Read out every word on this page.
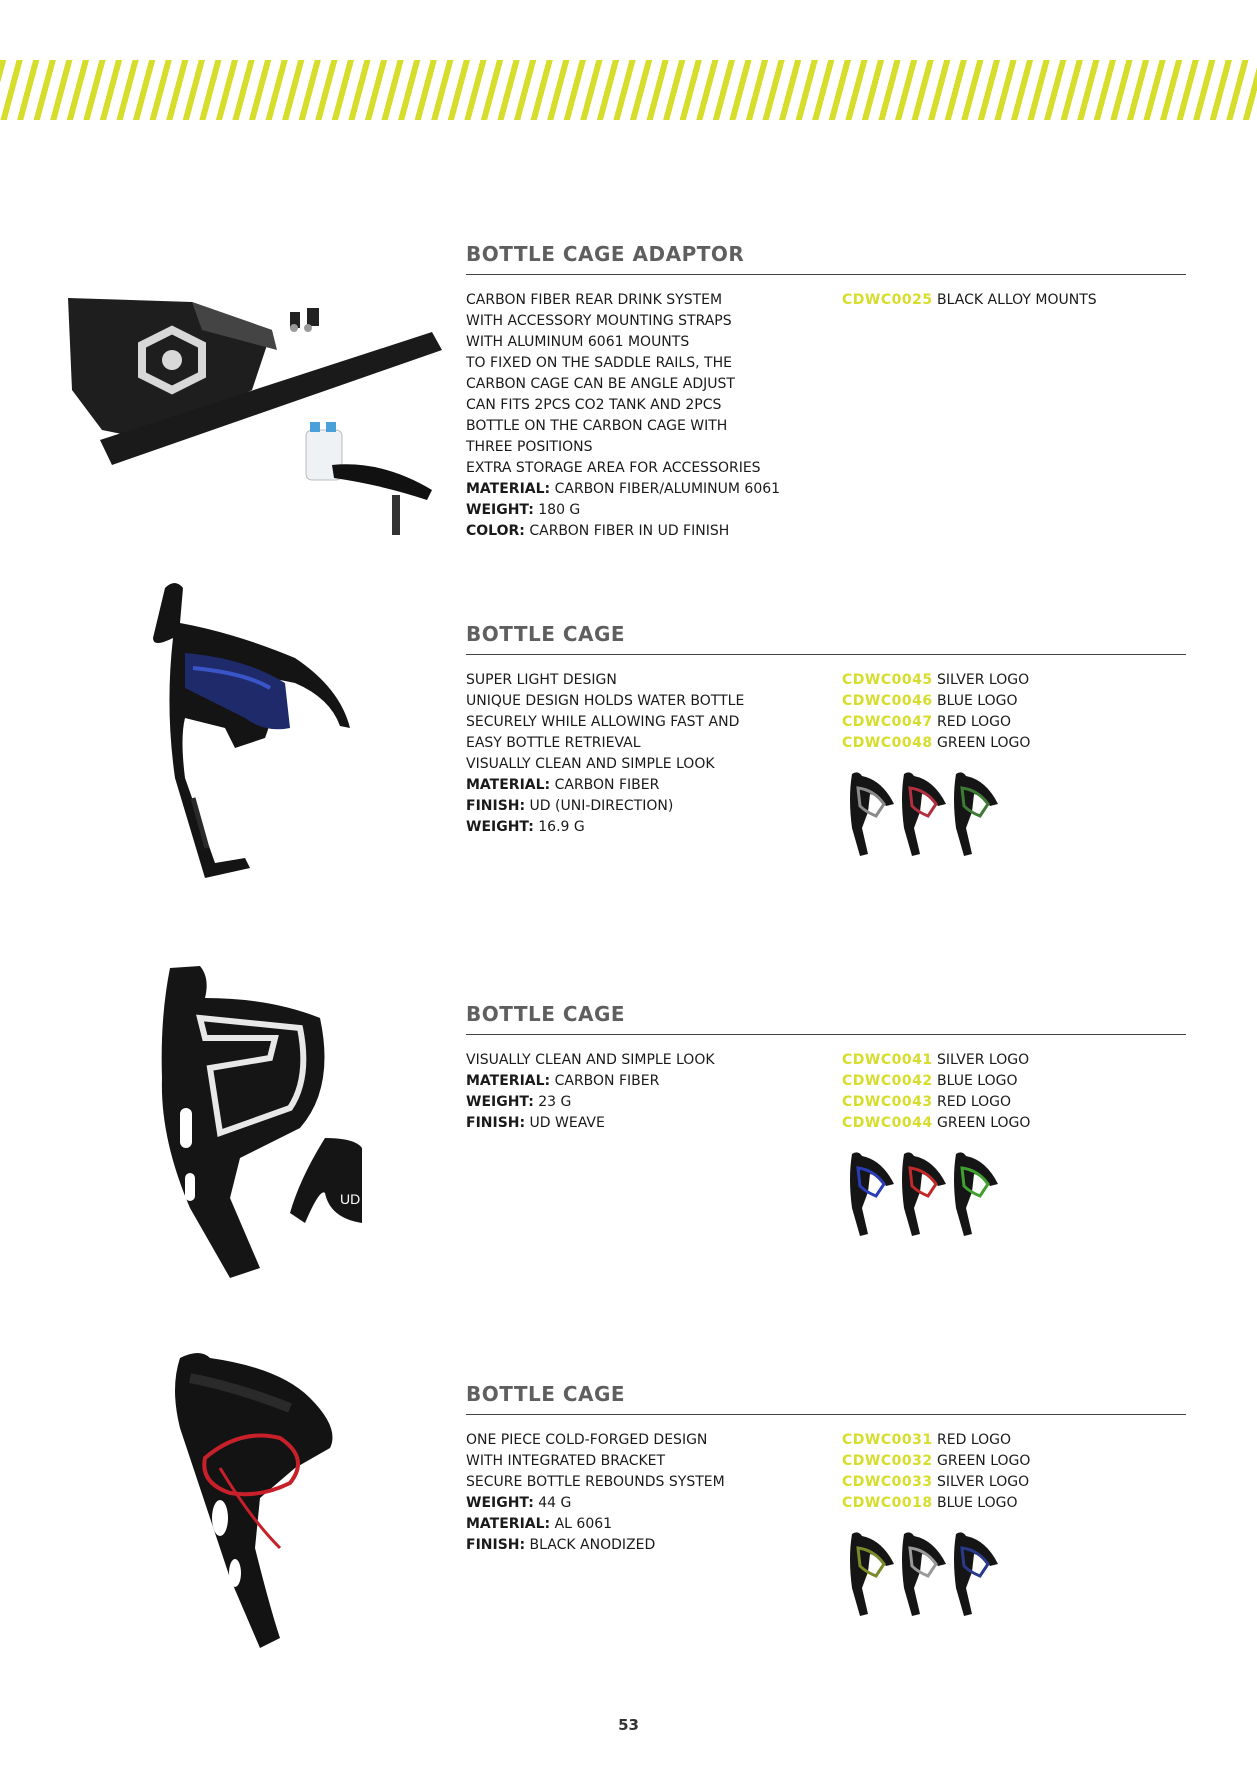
BOTTLE CAGE ADAPTOR
CARBON FIBER REAR DRINK SYSTEM
WITH ACCESSORY MOUNTING STRAPS
WITH ALUMINUM 6061 MOUNTS
TO FIXED ON THE SADDLE RAILS, THE
CARBON CAGE CAN BE ANGLE ADJUST
CAN FITS 2PCS CO2 TANK AND 2PCS
BOTTLE ON THE CARBON CAGE WITH
THREE POSITIONS
EXTRA STORAGE AREA FOR ACCESSORIES
MATERIAL: CARBON FIBER/ALUMINUM 6061
WEIGHT: 180 G
COLOR: CARBON FIBER IN UD FINISH
CDWC0025 BLACK ALLOY MOUNTS
BOTTLE CAGE
SUPER LIGHT DESIGN
UNIQUE DESIGN HOLDS WATER BOTTLE
SECURELY WHILE ALLOWING FAST AND
EASY BOTTLE RETRIEVAL
VISUALLY CLEAN AND SIMPLE LOOK
MATERIAL: CARBON FIBER
FINISH: UD (UNI-DIRECTION)
WEIGHT: 16.9 G
CDWC0045 SILVER LOGO
CDWC0046 BLUE LOGO
CDWC0047 RED LOGO
CDWC0048 GREEN LOGO
BOTTLE CAGE
VISUALLY CLEAN AND SIMPLE LOOK
MATERIAL: CARBON FIBER
WEIGHT: 23 G
FINISH: UD WEAVE
CDWC0041 SILVER LOGO
CDWC0042 BLUE LOGO
CDWC0043 RED LOGO
CDWC0044 GREEN LOGO
BOTTLE CAGE
ONE PIECE COLD-FORGED DESIGN
WITH INTEGRATED BRACKET
SECURE BOTTLE REBOUNDS SYSTEM
WEIGHT: 44 G
MATERIAL: AL 6061
FINISH: BLACK ANODIZED
CDWC0031 RED LOGO
CDWC0032 GREEN LOGO
CDWC0033 SILVER LOGO
CDWC0018 BLUE LOGO
UD
53
